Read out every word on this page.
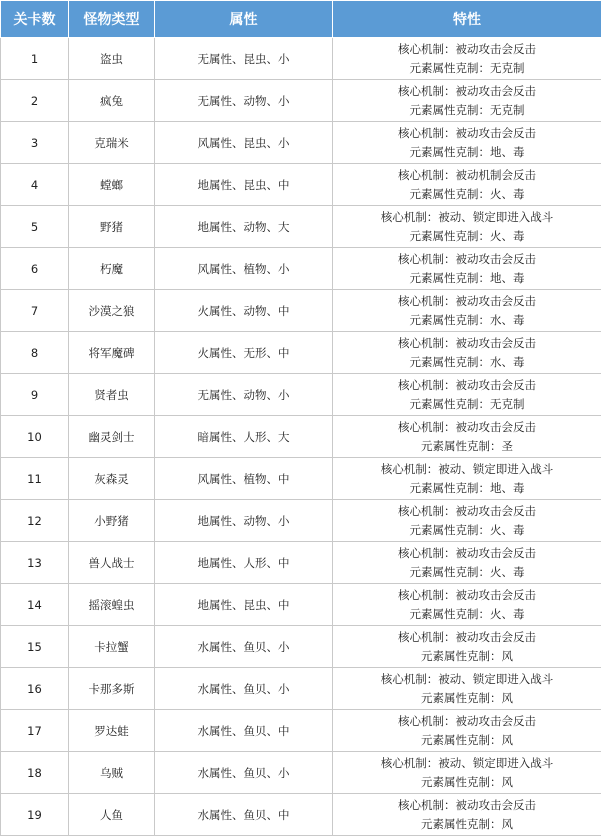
关卡数	怪物类型	属性	特性
1	盗虫	无属性、昆虫、小	核心机制：被动攻击会反击
元素属性克制：无克制

2	疯兔	无属性、动物、小	核心机制：被动攻击会反击
元素属性克制：无克制

3	克瑞米	风属性、昆虫、小	核心机制：被动攻击会反击
元素属性克制：地、毒

4	螳螂	地属性、昆虫、中	核心机制：被动机制会反击
元素属性克制：火、毒

5	野猪	地属性、动物、大	核心机制：被动、锁定即进入战斗
元素属性克制：火、毒

6	朽魔	风属性、植物、小	核心机制：被动攻击会反击
元素属性克制：地、毒

7	沙漠之狼	火属性、动物、中	核心机制：被动攻击会反击
元素属性克制：水、毒

8	将军魔碑	火属性、无形、中	核心机制：被动攻击会反击
元素属性克制：水、毒

9	贤者虫	无属性、动物、小	核心机制：被动攻击会反击
元素属性克制：无克制

10	幽灵剑士	暗属性、人形、大	核心机制：被动攻击会反击
元素属性克制：圣

11	灰森灵	风属性、植物、中	核心机制：被动、锁定即进入战斗
元素属性克制：地、毒

12	小野猪	地属性、动物、小	核心机制：被动攻击会反击
元素属性克制：火、毒

13	兽人战士	地属性、人形、中	核心机制：被动攻击会反击
元素属性克制：火、毒

14	摇滚蝗虫	地属性、昆虫、中	核心机制：被动攻击会反击
元素属性克制：火、毒

15	卡拉蟹	水属性、鱼贝、小	核心机制：被动攻击会反击
元素属性克制：风

16	卡那多斯	水属性、鱼贝、小	核心机制：被动、锁定即进入战斗
元素属性克制：风

17	罗达蛙	水属性、鱼贝、中	核心机制：被动攻击会反击
元素属性克制：风

18	乌贼	水属性、鱼贝、小	核心机制：被动、锁定即进入战斗
元素属性克制：风

19	人鱼	水属性、鱼贝、中	核心机制：被动攻击会反击
元素属性克制：风
